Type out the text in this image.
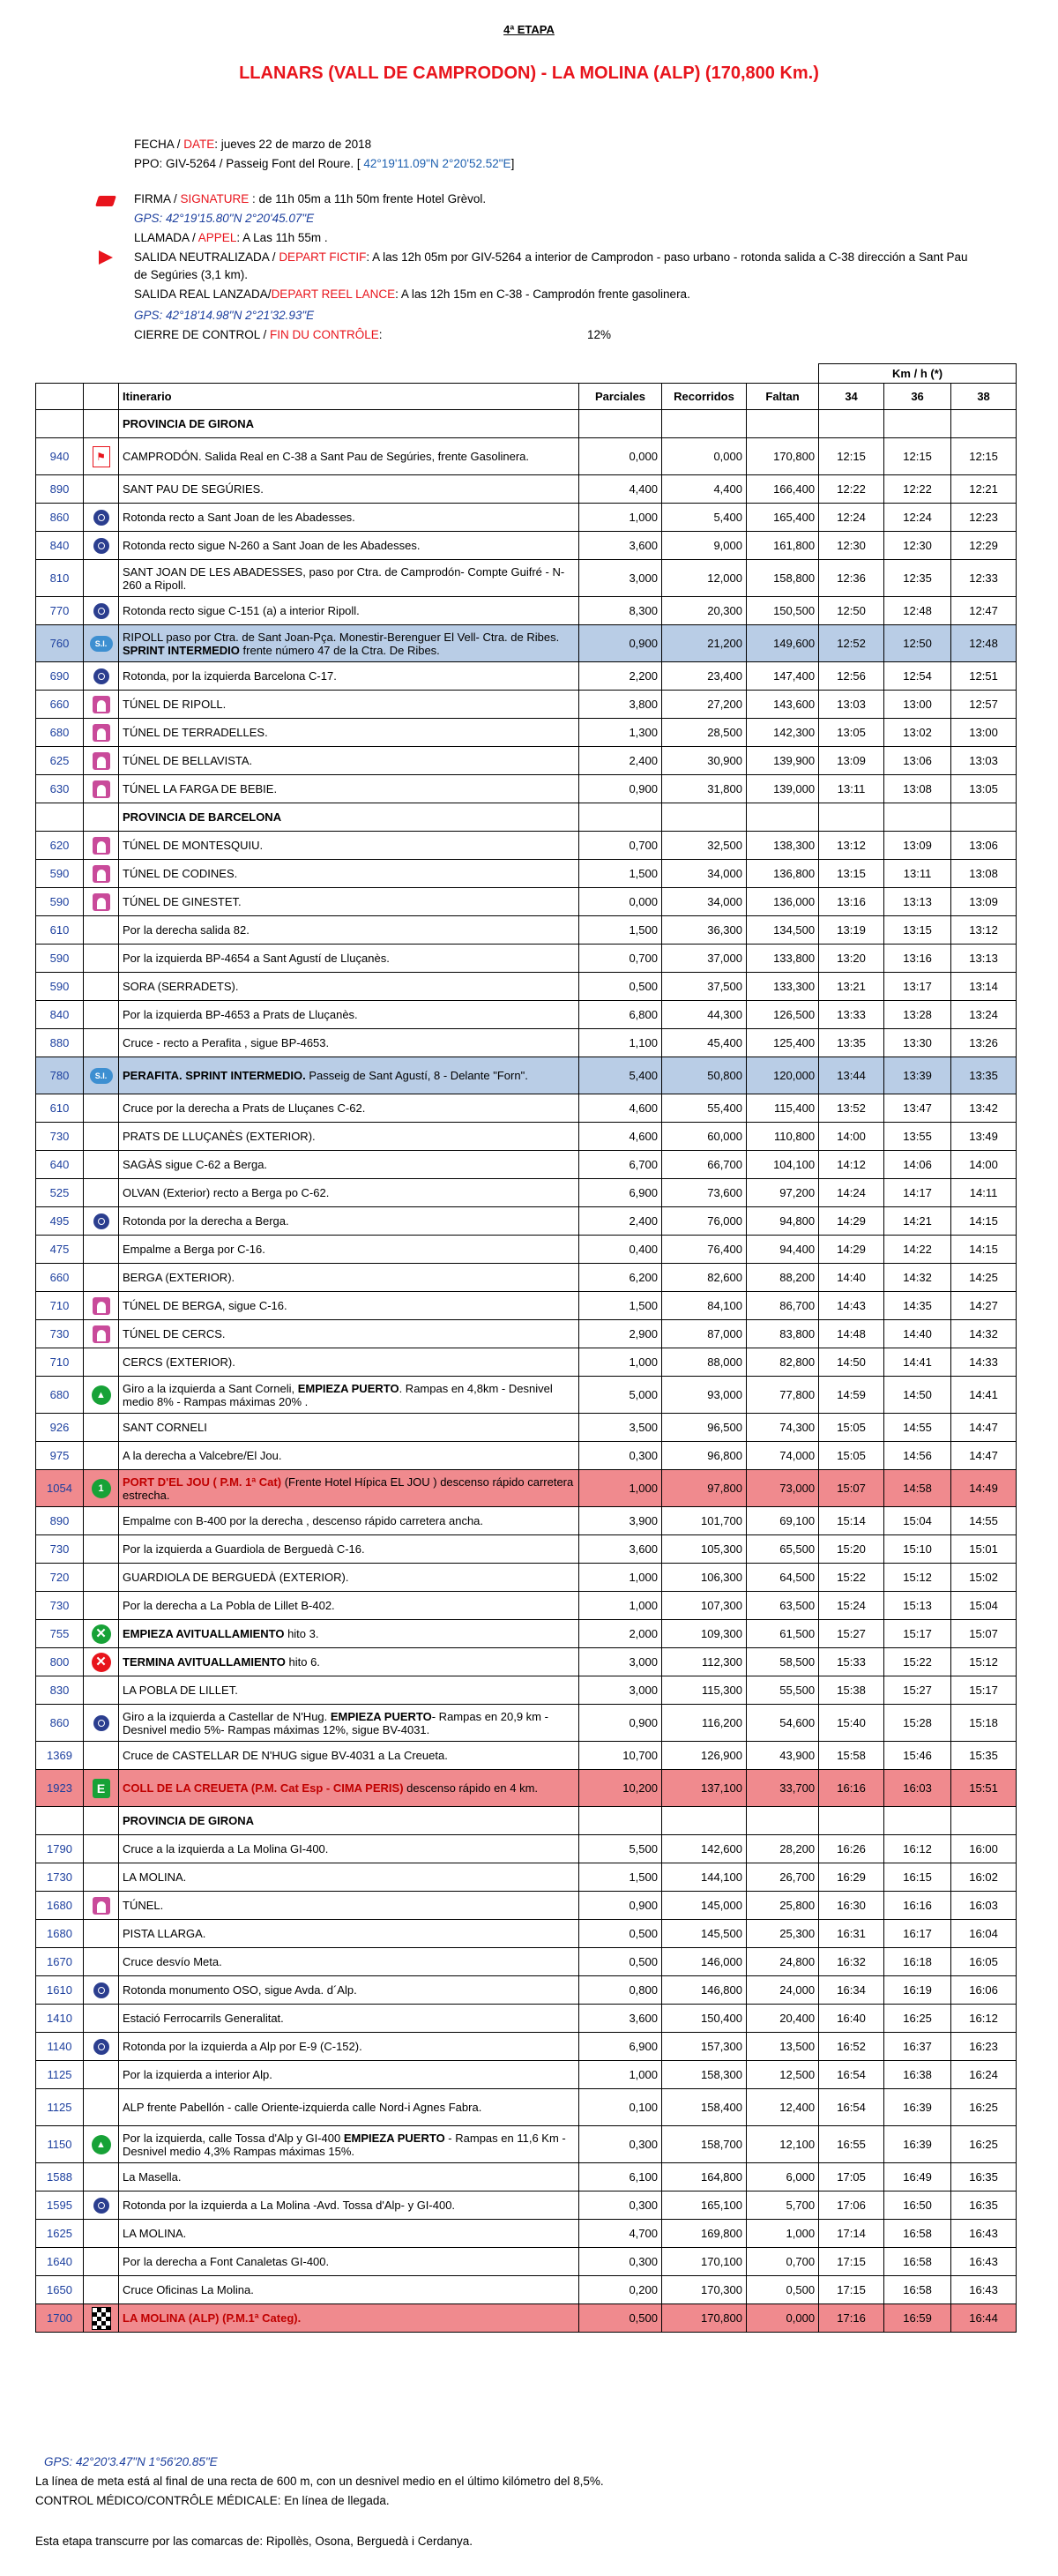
4ª ETAPA
LLANARS (VALL DE CAMPRODON) - LA MOLINA (ALP) (170,800 Km.)
FECHA / DATE: jueves 22 de marzo de 2018
PPO: GIV-5264 / Passeig Font del Roure. [ 42°19'11.09"N 2°20'52.52"E]
FIRMA / SIGNATURE : de 11h 05m a 11h 50m frente Hotel Grèvol.
GPS: 42°19'15.80"N 2°20'45.07"E
LLAMADA / APPEL: A Las 11h 55m .
SALIDA NEUTRALIZADA / DEPART FICTIF: A las 12h 05m por GIV-5264 a interior de Camprodon - paso urbano - rotonda salida a C-38 dirección a Sant Pau
de Segúries (3,1 km).
SALIDA REAL LANZADA/DEPART REEL LANCE: A las 12h 15m en C-38 - Camprodón frente gasolinera.
GPS: 42°18'14.98"N 2°21'32.93"E
CIERRE DE CONTROL / FIN DU CONTRÔLE:	12%
						Km / h (*)		
		Itinerario	Parciales	Recorridos	Faltan	34	36	38
		PROVINCIA DE GIRONA						
940	⚑	CAMPRODÓN. Salida Real en C-38 a Sant Pau de Segúries, frente Gasolinera.	0,000	0,000	170,800	12:15	12:15	12:15
890		SANT PAU DE SEGÚRIES.	4,400	4,400	166,400	12:22	12:22	12:21
860		Rotonda recto a Sant Joan de les Abadesses.	1,000	5,400	165,400	12:24	12:24	12:23
840		Rotonda recto sigue N-260 a Sant Joan de les Abadesses.	3,600	9,000	161,800	12:30	12:30	12:29
810		SANT JOAN DE LES ABADESSES, paso por Ctra. de Camprodón- Compte Guifré - N-260 a Ripoll.	3,000	12,000	158,800	12:36	12:35	12:33
770		Rotonda recto sigue C-151 (a) a interior Ripoll.	8,300	20,300	150,500	12:50	12:48	12:47
760	S.I.	RIPOLL paso por Ctra. de Sant Joan-Pça. Monestir-Berenguer El Vell- Ctra. de Ribes. SPRINT INTERMEDIO frente número 47 de la Ctra. De Ribes.	0,900	21,200	149,600	12:52	12:50	12:48
690		Rotonda, por la izquierda Barcelona C-17.	2,200	23,400	147,400	12:56	12:54	12:51
660		TÚNEL DE RIPOLL.	3,800	27,200	143,600	13:03	13:00	12:57
680		TÚNEL DE TERRADELLES.	1,300	28,500	142,300	13:05	13:02	13:00
625		TÚNEL DE BELLAVISTA.	2,400	30,900	139,900	13:09	13:06	13:03
630		TÚNEL LA FARGA DE BEBIE.	0,900	31,800	139,000	13:11	13:08	13:05
		PROVINCIA DE BARCELONA						
620		TÚNEL DE MONTESQUIU.	0,700	32,500	138,300	13:12	13:09	13:06
590		TÚNEL DE CODINES.	1,500	34,000	136,800	13:15	13:11	13:08
590		TÚNEL DE GINESTET.	0,000	34,000	136,000	13:16	13:13	13:09
610		Por la derecha salida 82.	1,500	36,300	134,500	13:19	13:15	13:12
590		Por la izquierda BP-4654 a Sant Agustí de Lluçanès.	0,700	37,000	133,800	13:20	13:16	13:13
590		SORA (SERRADETS).	0,500	37,500	133,300	13:21	13:17	13:14
840		Por la izquierda BP-4653 a Prats de Lluçanès.	6,800	44,300	126,500	13:33	13:28	13:24
880		Cruce - recto a Perafita , sigue BP-4653.	1,100	45,400	125,400	13:35	13:30	13:26
780	S.I.	PERAFITA. SPRINT INTERMEDIO. Passeig de Sant Agustí, 8 - Delante "Forn".	5,400	50,800	120,000	13:44	13:39	13:35
610		Cruce por la derecha a Prats de Lluçanes C-62.	4,600	55,400	115,400	13:52	13:47	13:42
730		PRATS DE LLUÇANÈS (EXTERIOR).	4,600	60,000	110,800	14:00	13:55	13:49
640		SAGÀS sigue C-62 a Berga.	6,700	66,700	104,100	14:12	14:06	14:00
525		OLVAN (Exterior) recto a Berga po C-62.	6,900	73,600	97,200	14:24	14:17	14:11
495		Rotonda por la derecha a Berga.	2,400	76,000	94,800	14:29	14:21	14:15
475		Empalme a Berga por C-16.	0,400	76,400	94,400	14:29	14:22	14:15
660		BERGA (EXTERIOR).	6,200	82,600	88,200	14:40	14:32	14:25
710		TÚNEL DE BERGA, sigue C-16.	1,500	84,100	86,700	14:43	14:35	14:27
730		TÚNEL DE CERCS.	2,900	87,000	83,800	14:48	14:40	14:32
710		CERCS (EXTERIOR).	1,000	88,000	82,800	14:50	14:41	14:33
680	▲	Giro a la izquierda a Sant Corneli, EMPIEZA PUERTO. Rampas en 4,8km - Desnivel medio 8% - Rampas máximas 20% .	5,000	93,000	77,800	14:59	14:50	14:41
926		SANT CORNELI	3,500	96,500	74,300	15:05	14:55	14:47
975		A la derecha a Valcebre/El Jou.	0,300	96,800	74,000	15:05	14:56	14:47
1054	1	PORT D'EL JOU ( P.M. 1ª Cat) (Frente Hotel Hípica EL JOU ) descenso rápido carretera estrecha.	1,000	97,800	73,000	15:07	14:58	14:49
890		Empalme con B-400 por la derecha , descenso rápido carretera ancha.	3,900	101,700	69,100	15:14	15:04	14:55
730		Por la izquierda a Guardiola de Berguedà C-16.	3,600	105,300	65,500	15:20	15:10	15:01
720		GUARDIOLA DE BERGUEDÀ (EXTERIOR).	1,000	106,300	64,500	15:22	15:12	15:02
730		Por la derecha a La Pobla de Lillet B-402.	1,000	107,300	63,500	15:24	15:13	15:04
755	✕	EMPIEZA AVITUALLAMIENTO hito 3.	2,000	109,300	61,500	15:27	15:17	15:07
800	✕	TERMINA AVITUALLAMIENTO hito 6.	3,000	112,300	58,500	15:33	15:22	15:12
830		LA POBLA DE LILLET.	3,000	115,300	55,500	15:38	15:27	15:17
860		Giro a la izquierda a Castellar de N'Hug. EMPIEZA PUERTO- Rampas en 20,9 km - Desnivel medio 5%- Rampas máximas 12%, sigue BV-4031.	0,900	116,200	54,600	15:40	15:28	15:18
1369		Cruce de CASTELLAR DE N'HUG sigue BV-4031 a La Creueta.	10,700	126,900	43,900	15:58	15:46	15:35
1923	E	COLL DE LA CREUETA (P.M. Cat Esp - CIMA PERIS) descenso rápido en 4 km.	10,200	137,100	33,700	16:16	16:03	15:51
		PROVINCIA DE GIRONA						
1790		Cruce a la izquierda a La Molina GI-400.	5,500	142,600	28,200	16:26	16:12	16:00
1730		LA MOLINA.	1,500	144,100	26,700	16:29	16:15	16:02
1680		TÚNEL.	0,900	145,000	25,800	16:30	16:16	16:03
1680		PISTA LLARGA.	0,500	145,500	25,300	16:31	16:17	16:04
1670		Cruce desvío Meta.	0,500	146,000	24,800	16:32	16:18	16:05
1610		Rotonda monumento OSO, sigue Avda. d´Alp.	0,800	146,800	24,000	16:34	16:19	16:06
1410		Estació Ferrocarrils Generalitat.	3,600	150,400	20,400	16:40	16:25	16:12
1140		Rotonda por la izquierda a Alp por E-9 (C-152).	6,900	157,300	13,500	16:52	16:37	16:23
1125		Por la izquierda a interior Alp.	1,000	158,300	12,500	16:54	16:38	16:24
1125		ALP frente Pabellón - calle Oriente-izquierda calle Nord-i Agnes Fabra.	0,100	158,400	12,400	16:54	16:39	16:25
1150	▲	Por la izquierda, calle Tossa d'Alp y GI-400 EMPIEZA PUERTO - Rampas en 11,6 Km - Desnivel medio 4,3% Rampas máximas 15%.	0,300	158,700	12,100	16:55	16:39	16:25
1588		La Masella.	6,100	164,800	6,000	17:05	16:49	16:35
1595		Rotonda por la izquierda a La Molina -Avd. Tossa d'Alp- y GI-400.	0,300	165,100	5,700	17:06	16:50	16:35
1625		LA MOLINA.	4,700	169,800	1,000	17:14	16:58	16:43
1640		Por la derecha a Font Canaletas GI-400.	0,300	170,100	0,700	17:15	16:58	16:43
1650		Cruce Oficinas La Molina.	0,200	170,300	0,500	17:15	16:58	16:43
1700		LA MOLINA (ALP) (P.M.1ª Categ).	0,500	170,800	0,000	17:16	16:59	16:44
GPS: 42°20'3.47"N 1°56'20.85"E
La línea de meta está al final de una recta de 600 m, con un desnivel medio en el último kilómetro del 8,5%.
CONTROL MÉDICO/CONTRÔLE MÉDICALE: En línea de llegada.
Esta etapa transcurre por las comarcas de: Ripollès, Osona, Berguedà i Cerdanya.
